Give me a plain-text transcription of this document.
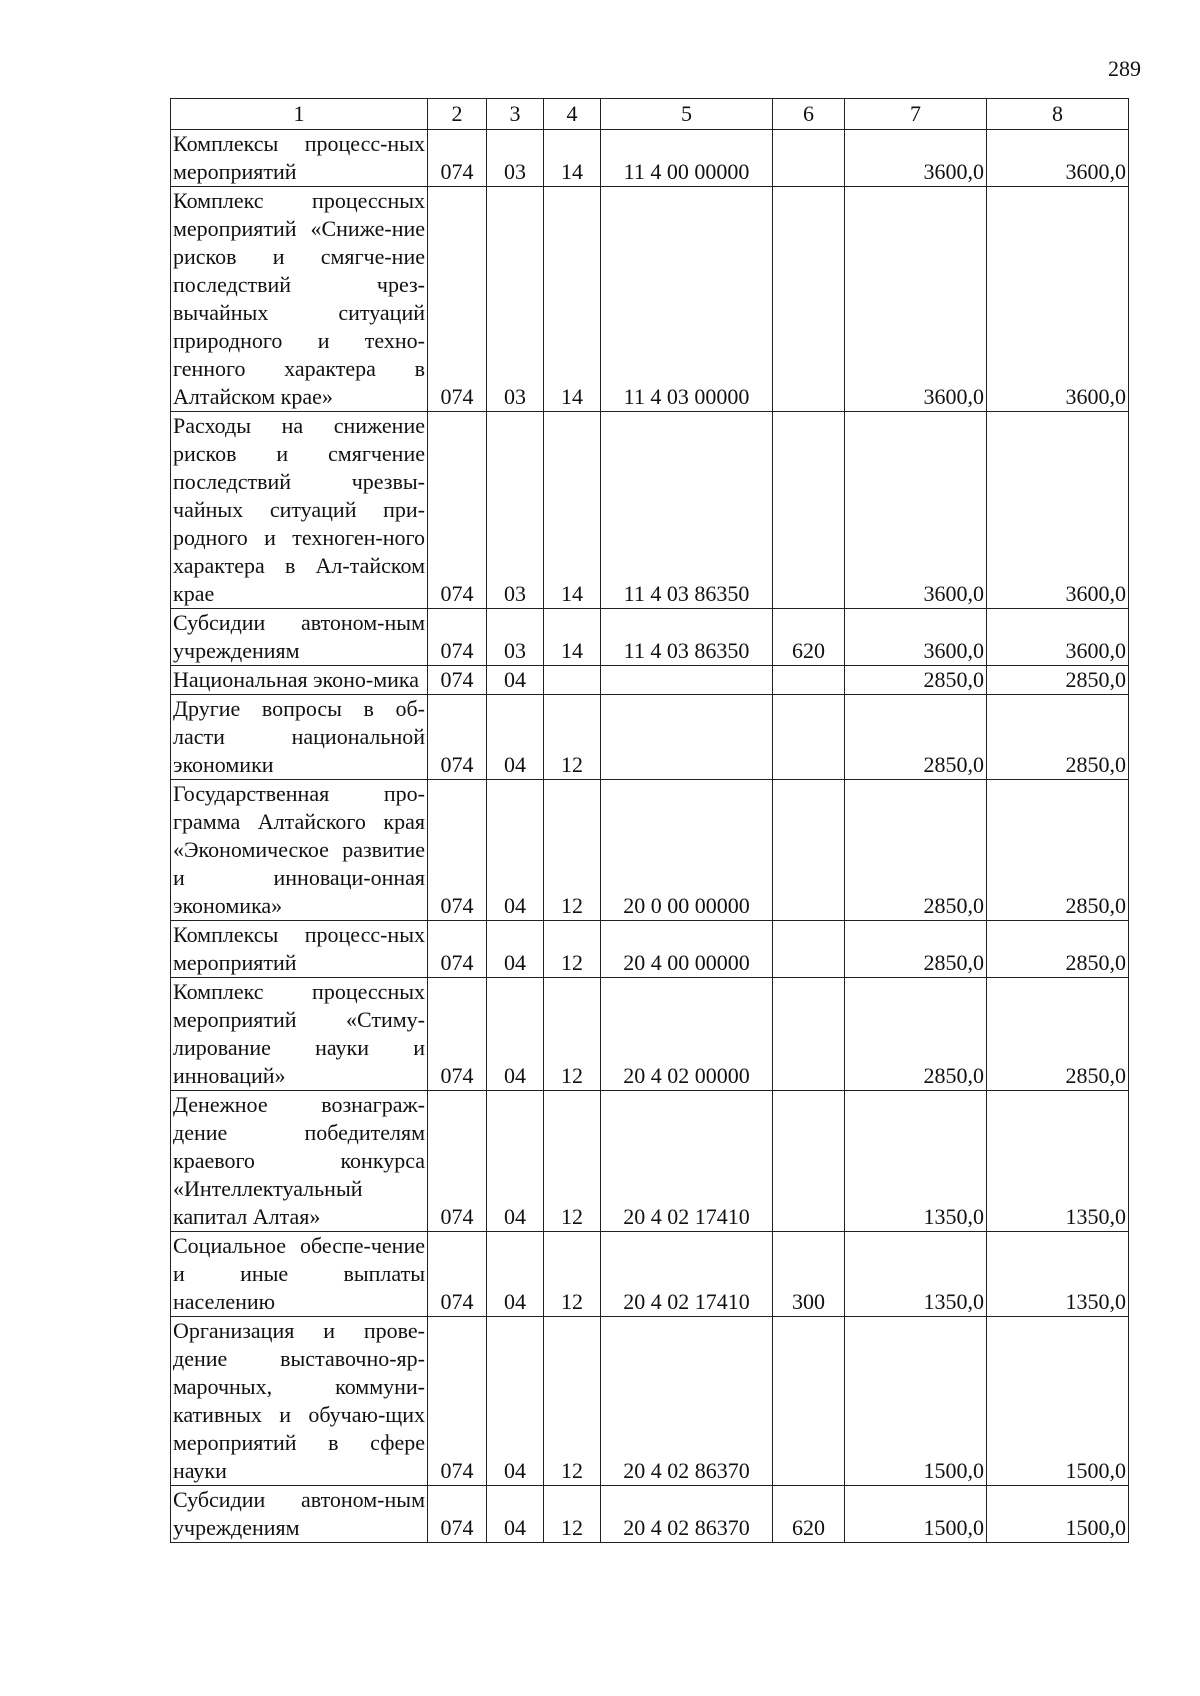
289
1	2	3	4	5	6	7	8
Комплексы процесс-ных мероприятий	074	03	14	11 4 00 00000		3600,0	3600,0
Комплекс процессных мероприятий «Сниже-ние рисков и смягче-ние последствий чрез-вычайных ситуаций природного и техно-генного характера в Алтайском крае»	074	03	14	11 4 03 00000		3600,0	3600,0
Расходы на снижение рисков и смягчение последствий чрезвы-чайных ситуаций при-родного и техноген-ного характера в Ал-тайском крае	074	03	14	11 4 03 86350		3600,0	3600,0
Субсидии автоном-ным учреждениям	074	03	14	11 4 03 86350	620	3600,0	3600,0
Национальная эконо-мика	074	04				2850,0	2850,0
Другие вопросы в об-ласти национальной экономики	074	04	12			2850,0	2850,0
Государственная про-грамма Алтайского края «Экономическое развитие и инноваци-онная экономика»	074	04	12	20 0 00 00000		2850,0	2850,0
Комплексы процесс-ных мероприятий	074	04	12	20 4 00 00000		2850,0	2850,0
Комплекс процессных мероприятий «Стиму-лирование науки и инноваций»	074	04	12	20 4 02 00000		2850,0	2850,0
Денежное вознаграж-дение победителям краевого конкурса «Интеллектуальный капитал Алтая»	074	04	12	20 4 02 17410		1350,0	1350,0
Социальное обеспе-чение и иные выплаты населению	074	04	12	20 4 02 17410	300	1350,0	1350,0
Организация и прове-дение выставочно-яр-марочных, коммуни-кативных и обучаю-щих мероприятий в сфере науки	074	04	12	20 4 02 86370		1500,0	1500,0
Субсидии автоном-ным учреждениям	074	04	12	20 4 02 86370	620	1500,0	1500,0
